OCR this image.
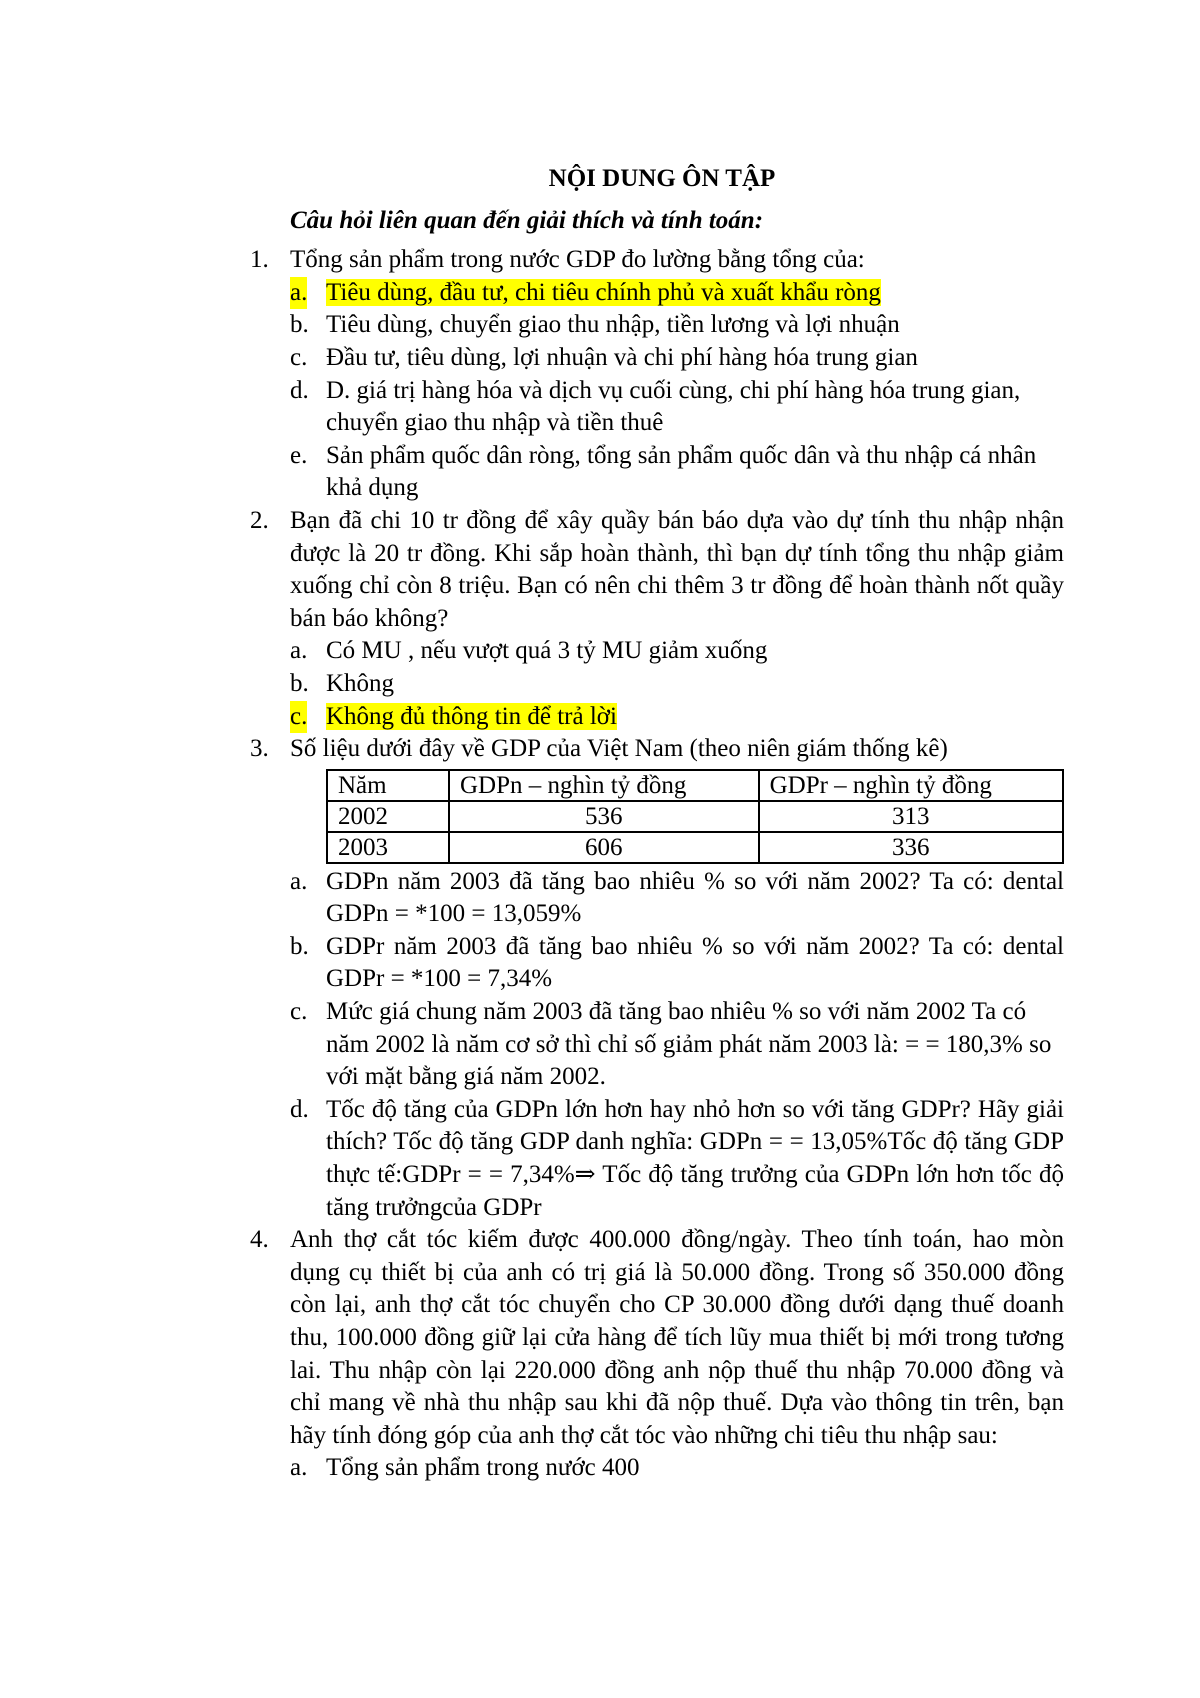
NỘI DUNG ÔN TẬP
Câu hỏi liên quan đến giải thích và tính toán:
1. Tổng sản phẩm trong nước GDP đo lường bằng tổng của:
a. Tiêu dùng, đầu tư, chi tiêu chính phủ và xuất khẩu ròng
b. Tiêu dùng, chuyển giao thu nhập, tiền lương và lợi nhuận
c. Đầu tư, tiêu dùng, lợi nhuận và chi phí hàng hóa trung gian
d. D. giá trị hàng hóa và dịch vụ cuối cùng, chi phí hàng hóa trung gian, chuyển giao thu nhập và tiền thuê
e. Sản phẩm quốc dân ròng, tổng sản phẩm quốc dân và thu nhập cá nhân khả dụng
2. Bạn đã chi 10 tr đồng để xây quầy bán báo dựa vào dự tính thu nhập nhận được là 20 tr đồng. Khi sắp hoàn thành, thì bạn dự tính tổng thu nhập giảm xuống chỉ còn 8 triệu. Bạn có nên chi thêm 3 tr đồng để hoàn thành nốt quầy bán báo không?
a. Có MU , nếu vượt quá 3 tỷ MU giảm xuống
b. Không
c. Không đủ thông tin để trả lời
3. Số liệu dưới đây về GDP của Việt Nam (theo niên giám thống kê)
Năm	GDPn – nghìn tỷ đồng	GDPr – nghìn tỷ đồng
2002	536	313
2003	606	336
a. GDPn năm 2003 đã tăng bao nhiêu % so với năm 2002? Ta có: dental GDPn = *100 = 13,059%
b. GDPr năm 2003 đã tăng bao nhiêu % so với năm 2002? Ta có: dental GDPr = *100 = 7,34%
c. Mức giá chung năm 2003 đã tăng bao nhiêu % so với năm 2002 Ta có năm 2002 là năm cơ sở thì chỉ số giảm phát năm 2003 là: = = 180,3% so với mặt bằng giá năm 2002.
d. Tốc độ tăng của GDPn lớn hơn hay nhỏ hơn so với tăng GDPr? Hãy giải thích? Tốc độ tăng GDP danh nghĩa: GDPn = = 13,05%Tốc độ tăng GDP thực tế:GDPr = = 7,34%⇒ Tốc độ tăng trưởng của GDPn lớn hơn tốc độ tăng trưởngcủa GDPr
4. Anh thợ cắt tóc kiếm được 400.000 đồng/ngày. Theo tính toán, hao mòn dụng cụ thiết bị của anh có trị giá là 50.000 đồng. Trong số 350.000 đồng còn lại, anh thợ cắt tóc chuyển cho CP 30.000 đồng dưới dạng thuế doanh thu, 100.000 đồng giữ lại cửa hàng để tích lũy mua thiết bị mới trong tương lai. Thu nhập còn lại 220.000 đồng anh nộp thuế thu nhập 70.000 đồng và chỉ mang về nhà thu nhập sau khi đã nộp thuế. Dựa vào thông tin trên, bạn hãy tính đóng góp của anh thợ cắt tóc vào những chi tiêu thu nhập sau:
a. Tổng sản phẩm trong nước 400
